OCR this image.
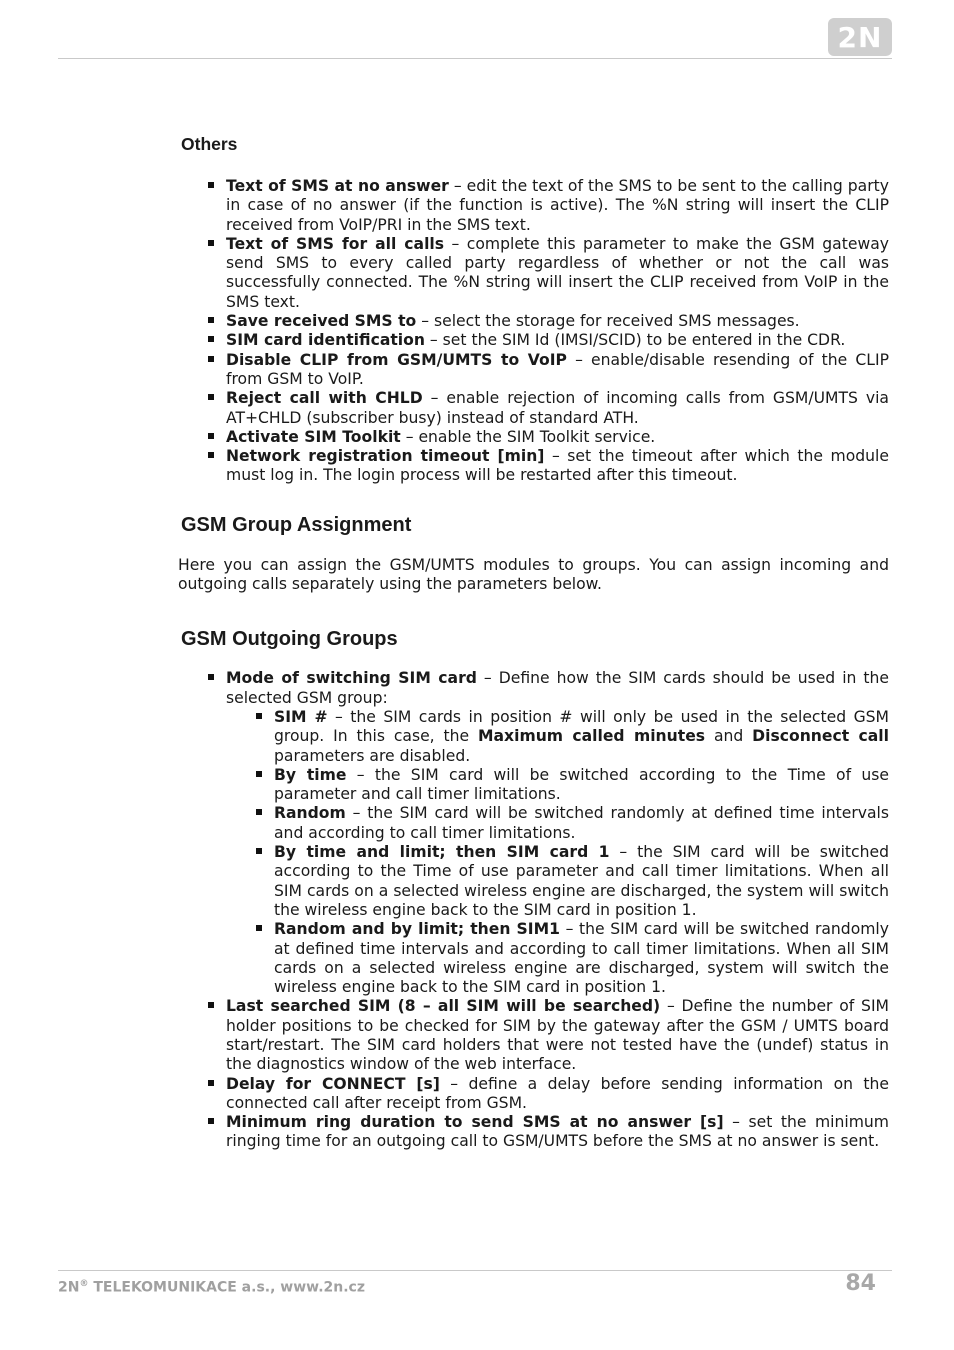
2N
Others
Text of SMS at no answer – edit the text of the SMS to be sent to the calling party in case of no answer (if the function is active). The %N string will insert the CLIP received from VoIP/PRI in the SMS text.
Text of SMS for all calls – complete this parameter to make the GSM gateway send SMS to every called party regardless of whether or not the call was successfully connected. The %N string will insert the CLIP received from VoIP in the SMS text.
Save received SMS to – select the storage for received SMS messages.
SIM card identification – set the SIM Id (IMSI/SCID) to be entered in the CDR.
Disable CLIP from GSM/UMTS to VoIP – enable/disable resending of the CLIP from GSM to VoIP.
Reject call with CHLD – enable rejection of incoming calls from GSM/UMTS via AT+CHLD (subscriber busy) instead of standard ATH.
Activate SIM Toolkit – enable the SIM Toolkit service.
Network registration timeout [min] – set the timeout after which the module must log in. The login process will be restarted after this timeout.
GSM Group Assignment

Here you can assign the GSM/UMTS modules to groups. You can assign incoming and outgoing calls separately using the parameters below.

GSM Outgoing Groups
Mode of switching SIM card – Define how the SIM cards should be used in the selected GSM group:
SIM # – the SIM cards in position # will only be used in the selected GSM group. In this case, the Maximum called minutes and Disconnect call parameters are disabled.
By time – the SIM card will be switched according to the Time of use parameter and call timer limitations.
Random – the SIM card will be switched randomly at defined time intervals and according to call timer limitations.
By time and limit; then SIM card 1 – the SIM card will be switched according to the Time of use parameter and call timer limitations. When all SIM cards on a selected wireless engine are discharged, the system will switch the wireless engine back to the SIM card in position 1.
Random and by limit; then SIM1 – the SIM card will be switched randomly at defined time intervals and according to call timer limitations. When all SIM cards on a selected wireless engine are discharged, system will switch the wireless engine back to the SIM card in position 1.
Last searched SIM (8 – all SIM will be searched) – Define the number of SIM holder positions to be checked for SIM by the gateway after the GSM / UMTS board start/restart. The SIM card holders that were not tested have the (undef) status in the diagnostics window of the web interface.
Delay for CONNECT [s] – define a delay before sending information on the connected call after receipt from GSM.
Minimum ring duration to send SMS at no answer [s] – set the minimum ringing time for an outgoing call to GSM/UMTS before the SMS at no answer is sent.
2N® TELEKOMUNIKACE a.s., www.2n.cz	84
